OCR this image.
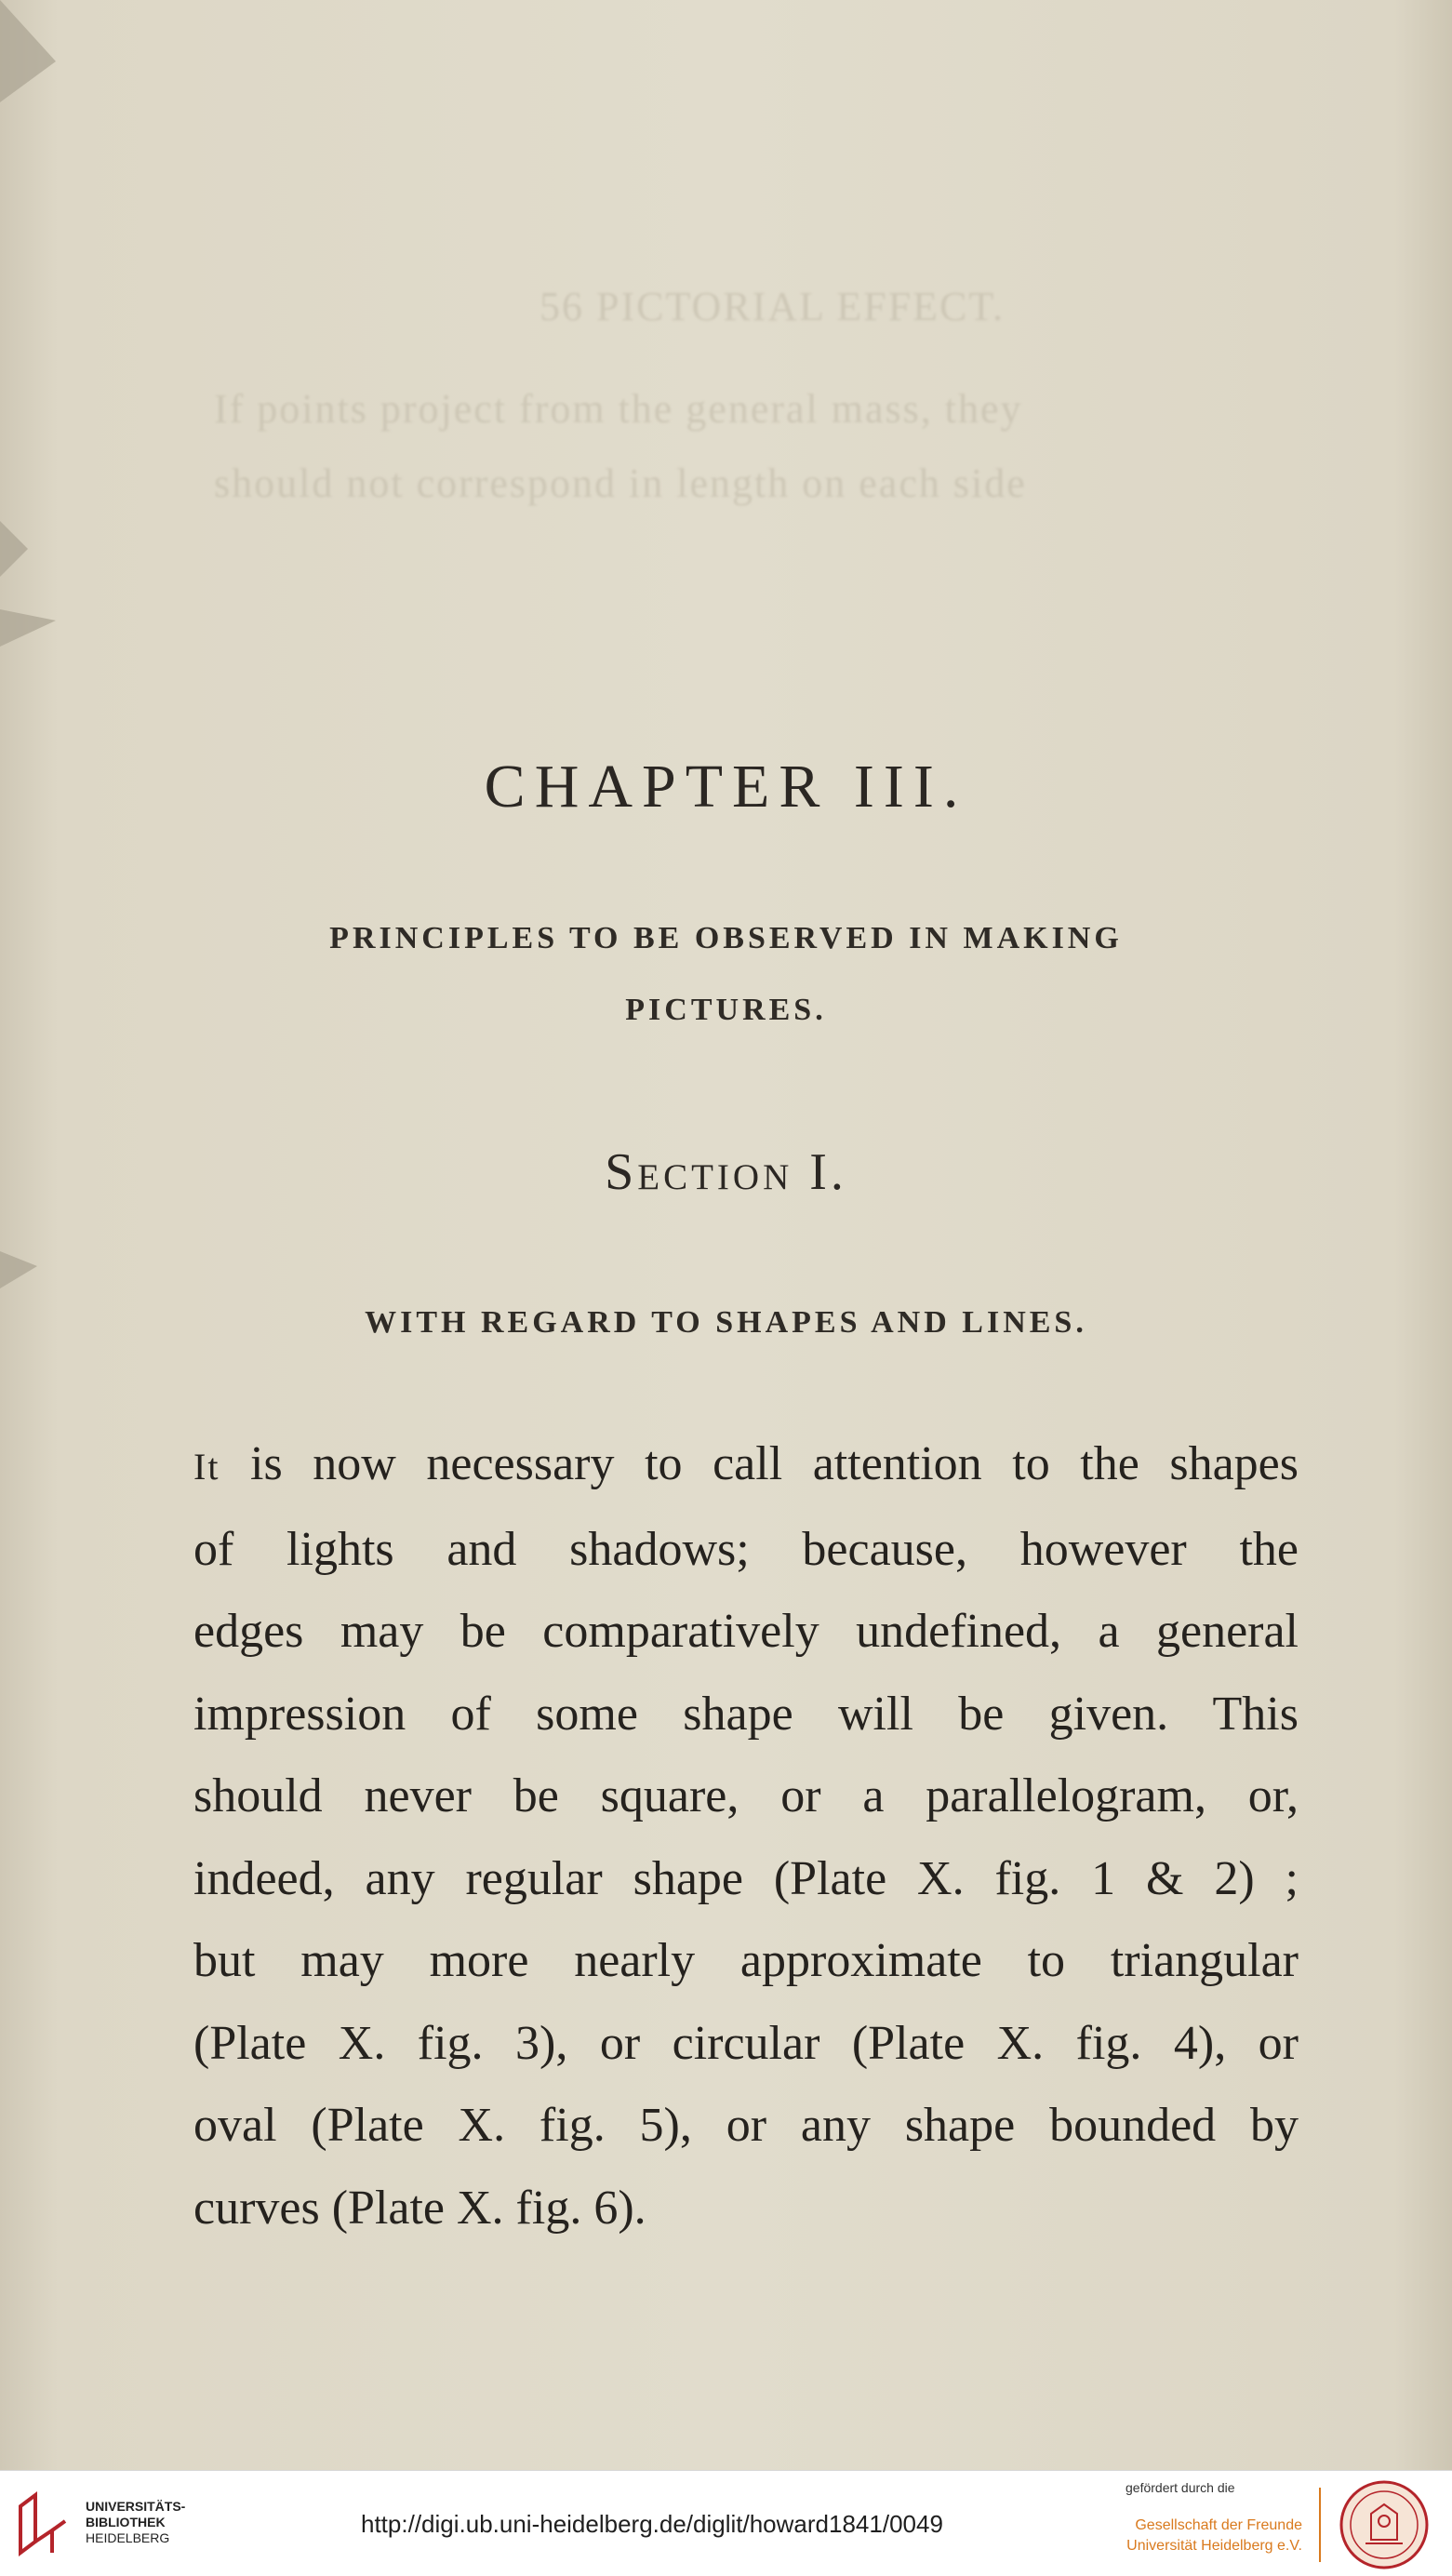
56 PICTORIAL EFFECT.
If points project from the general mass, they
should not correspond in length on each side
CHAPTER III.
PRINCIPLES TO BE OBSERVED IN MAKING
PICTURES.
Section I.
WITH REGARD TO SHAPES AND LINES.
It is now necessary to call attention to the shapes
of lights and shadows; because, however the
edges may be comparatively undefined, a general
impression of some shape will be given. This
should never be square, or a parallelogram, or,
indeed, any regular shape (Plate X. fig. 1 & 2) ;
but may more nearly approximate to triangular
(Plate X. fig. 3), or circular (Plate X. fig. 4), or
oval (Plate X. fig. 5), or any shape bounded by
curves (Plate X. fig. 6).
UNIVERSITÄTS-
BIBLIOTHEK
HEIDELBERG	http://digi.ub.uni-heidelberg.de/diglit/howard1841/0049
gefördert durch die
Gesellschaft der Freunde
Universität Heidelberg e.V.
